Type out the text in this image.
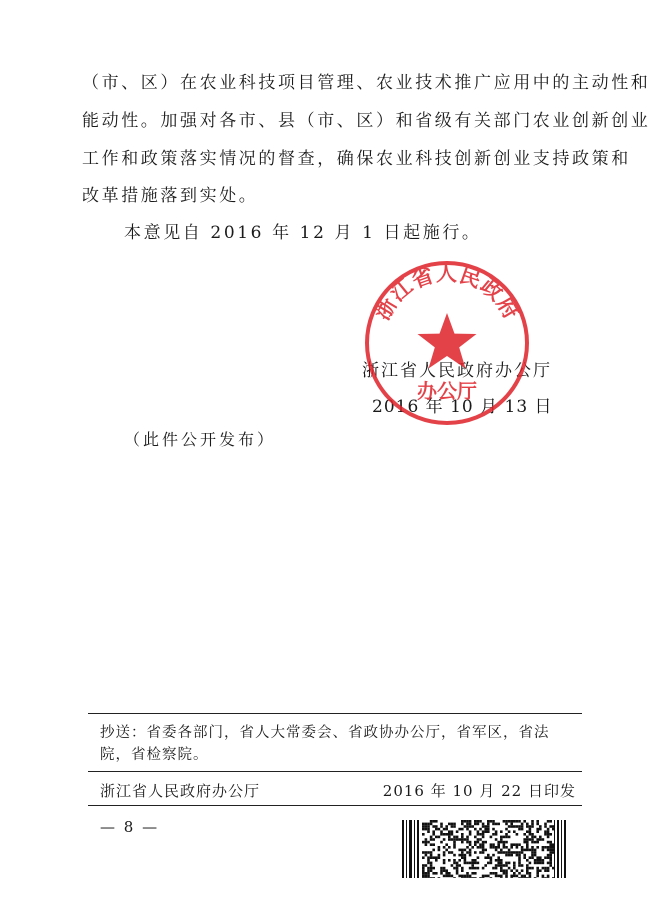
（市、区）在农业科技项目管理、农业技术推广应用中的主动性和
能动性。加强对各市、县（市、区）和省级有关部门农业创新创业
工作和政策落实情况的督查，确保农业科技创新创业支持政策和
改革措施落到实处。
本意见自 2016 年 12 月 1 日起施行。
浙江省人民政府办公厅
2016 年 10 月 13 日
浙江省人民政府
办公厅
（此件公开发布）
抄送：省委各部门，省人大常委会、省政协办公厅，省军区，省法院，省检察院。
浙江省人民政府办公厅	2016 年 10 月 22 日印发
— 8 —
